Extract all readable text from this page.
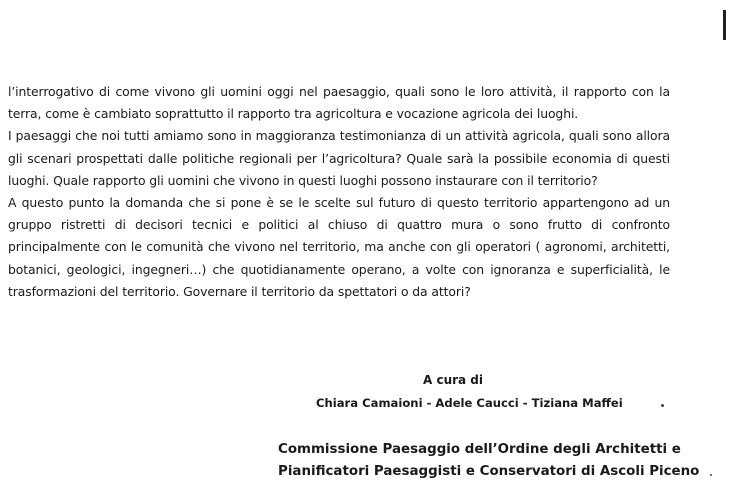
l’interrogativo di come vivono gli uomini oggi nel paesaggio, quali sono le loro attività, il rapporto con la terra, come è cambiato soprattutto il rapporto tra agricoltura e vocazione agricola dei luoghi.

I paesaggi che noi tutti amiamo sono in maggioranza testimonianza di un attività agricola, quali sono allora gli scenari prospettati dalle politiche regionali per l’agricoltura? Quale sarà la possibile economia di questi luoghi. Quale rapporto gli uomini che vivono in questi luoghi possono instaurare con il territorio?

A questo punto la domanda che si pone è se le scelte sul futuro di questo territorio appartengono ad un gruppo ristretti di decisori tecnici e politici al chiuso di quattro mura o sono frutto di confronto principalmente con le comunità che vivono nel territorio, ma anche con gli operatori ( agronomi, architetti, botanici, geologici, ingegneri…) che quotidianamente operano, a volte con ignoranza e superficialità, le trasformazioni del territorio. Governare il territorio da spettatori o da attori?

A cura di
Chiara Camaioni - Adele Caucci - Tiziana Maffei
Commissione Paesaggio dell’Ordine degli Architetti e
Pianificatori Paesaggisti e Conservatori di Ascoli Piceno
